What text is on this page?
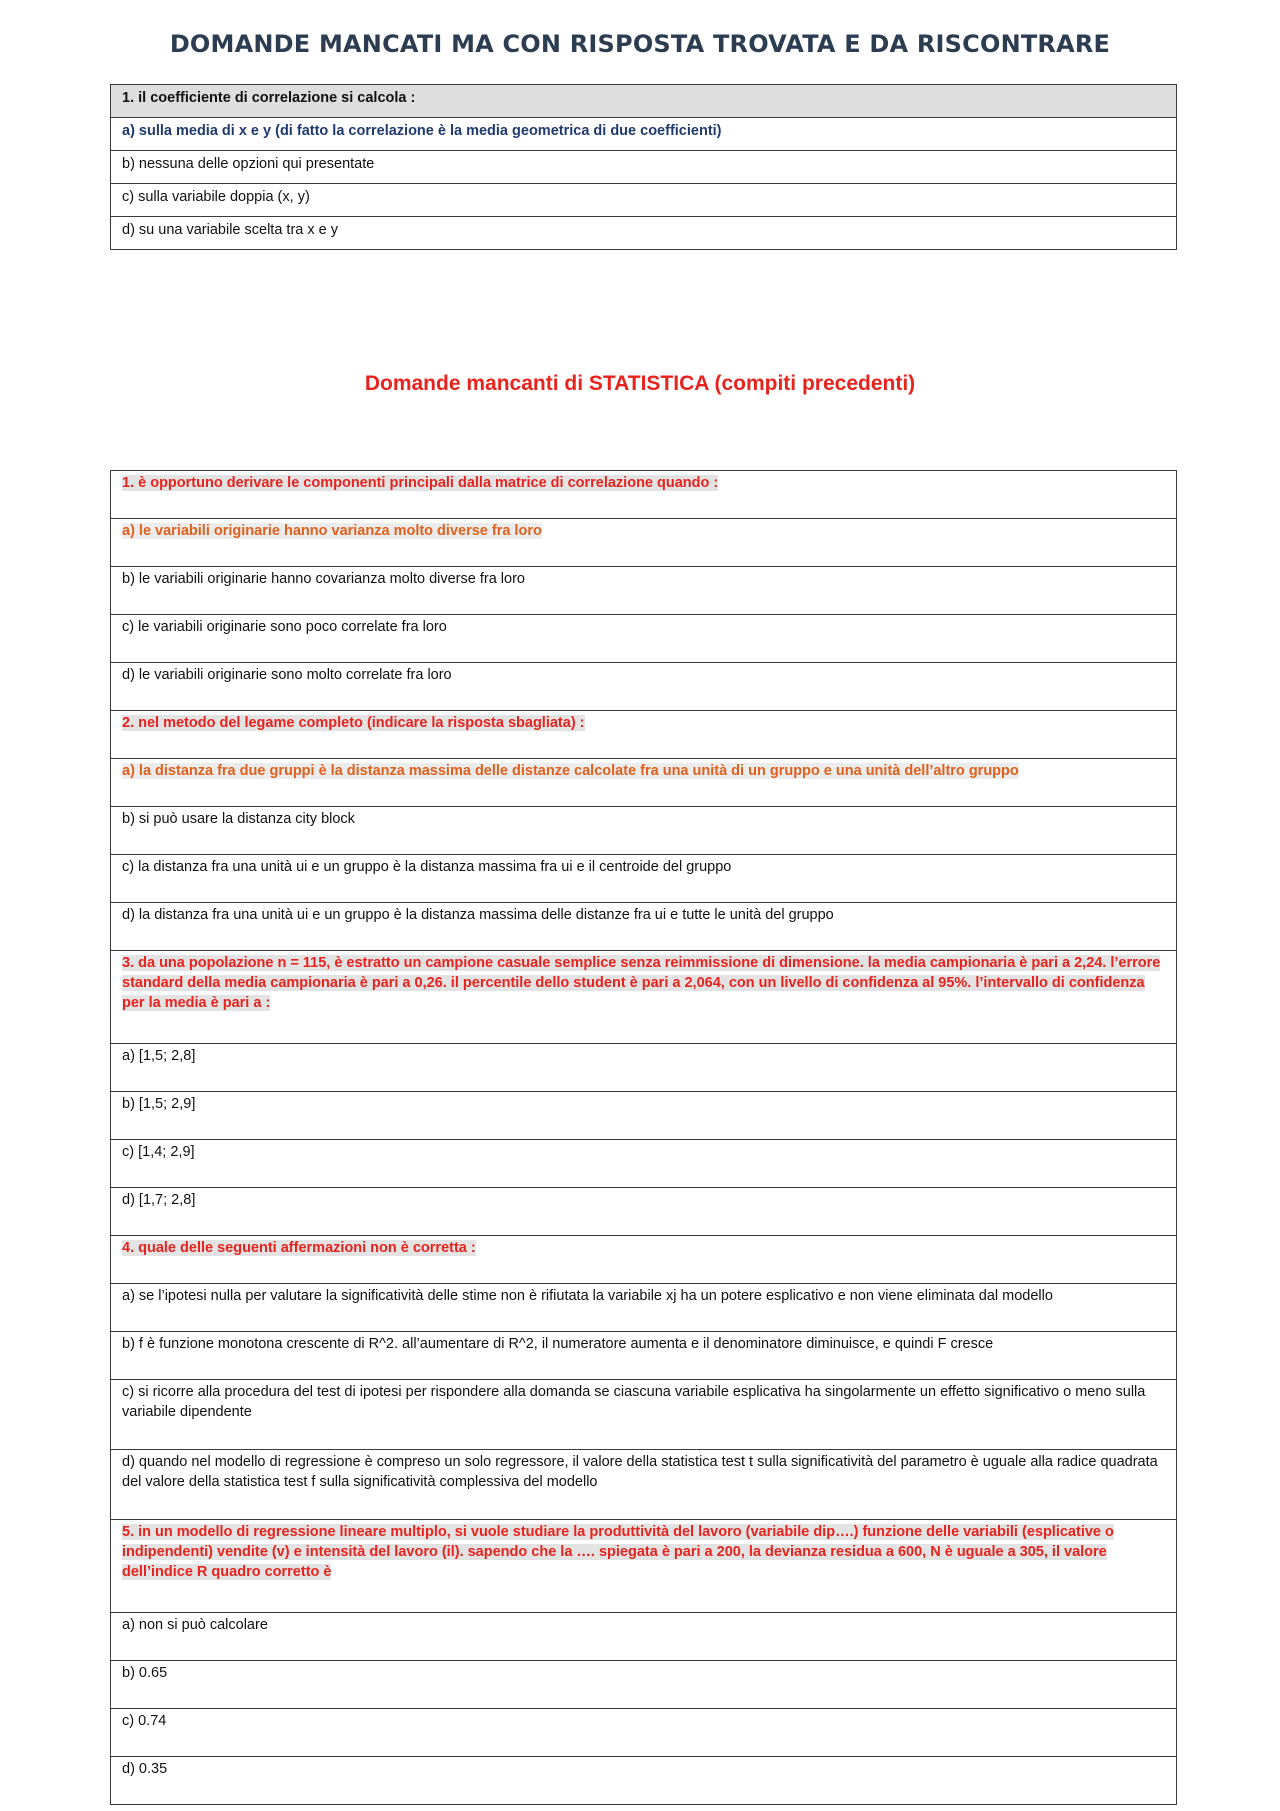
DOMANDE MANCATI MA CON RISPOSTA TROVATA E DA RISCONTRARE
1. il coefficiente di correlazione si calcola :
a) sulla media di x e y (di fatto la correlazione è la media geometrica di due coefficienti)
b) nessuna delle opzioni qui presentate
c) sulla variabile doppia (x, y)
d) su una variabile scelta tra x e y
Domande mancanti di STATISTICA (compiti precedenti)
1. è opportuno derivare le componenti principali dalla matrice di correlazione quando :
a) le variabili originarie hanno varianza molto diverse fra loro
b) le variabili originarie hanno covarianza molto diverse fra loro
c) le variabili originarie sono poco correlate fra loro
d) le variabili originarie sono molto correlate fra loro
2. nel metodo del legame completo (indicare la risposta sbagliata) :
a) la distanza fra due gruppi è la distanza massima delle distanze calcolate fra una unità di un gruppo e una unità dell’altro gruppo
b) si può usare la distanza city block
c) la distanza fra una unità ui e un gruppo è la distanza massima fra ui e il centroide del gruppo
d) la distanza fra una unità ui e un gruppo è la distanza massima delle distanze fra ui e tutte le unità del gruppo
3. da una popolazione n = 115, è estratto un campione casuale semplice senza reimmissione di dimensione. la media campionaria è pari a 2,24. l’errore standard della media campionaria è pari a 0,26. il percentile dello student è pari a 2,064, con un livello di confidenza al 95%. l’intervallo di confidenza per la media è pari a :
a) [1,5; 2,8]
b) [1,5; 2,9]
c) [1,4; 2,9]
d) [1,7; 2,8]
4. quale delle seguenti affermazioni non è corretta :
a) se l’ipotesi nulla per valutare la significatività delle stime non è rifiutata la variabile xj ha un potere esplicativo e non viene eliminata dal modello
b) f è funzione monotona crescente di R^2. all’aumentare di R^2, il numeratore aumenta e il denominatore diminuisce, e quindi F cresce
c) si ricorre alla procedura del test di ipotesi per rispondere alla domanda se ciascuna variabile esplicativa ha singolarmente un effetto significativo o meno sulla variabile dipendente
d) quando nel modello di regressione è compreso un solo regressore, il valore della statistica test t sulla significatività del parametro è uguale alla radice quadrata del valore della statistica test f sulla significatività complessiva del modello
5. in un modello di regressione lineare multiplo, si vuole studiare la produttività del lavoro (variabile dip….) funzione delle variabili (esplicative o indipendenti) vendite (v) e intensità del lavoro (il). sapendo che la …. spiegata è pari a 200, la devianza residua a 600, N è uguale a 305, il valore dell’indice R quadro corretto è
a) non si può calcolare
b) 0.65
c) 0.74
d) 0.35
